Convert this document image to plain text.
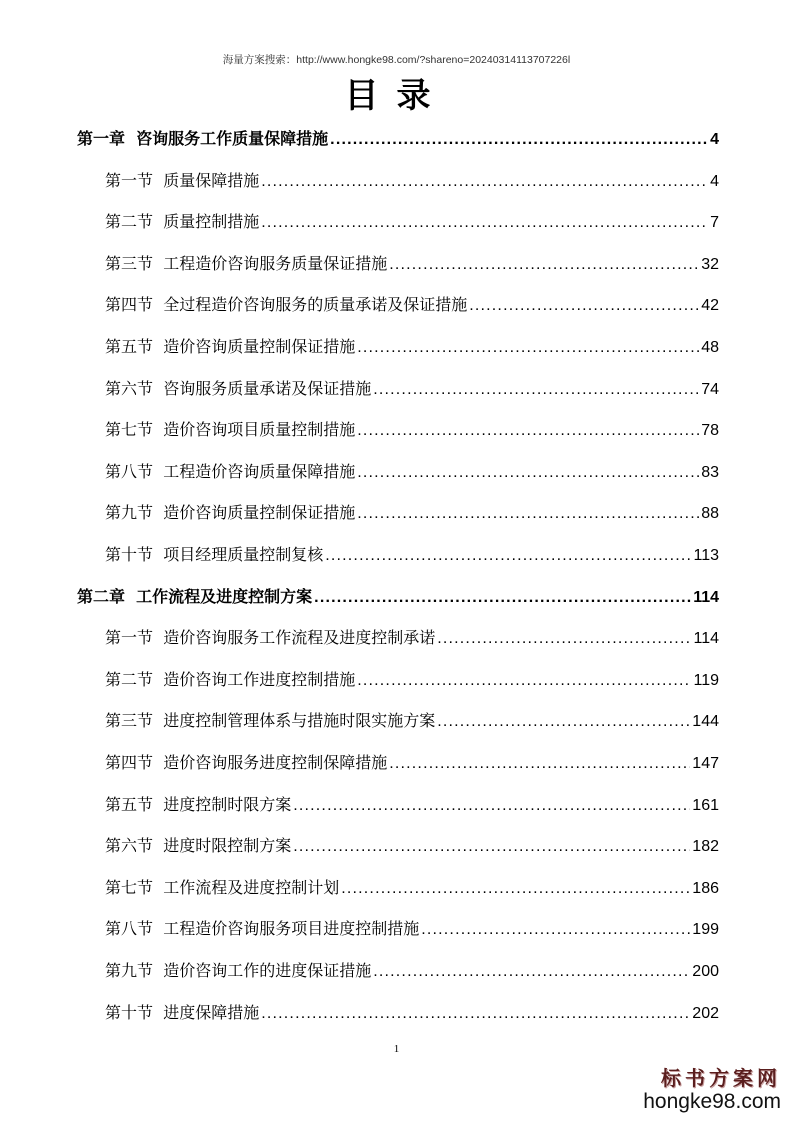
海量方案搜索：http://www.hongke98.com/?shareno=20240314113707226l
目录
第一章 咨询服务工作质量保障措施 .....	4
第一节 质量保障措施 .....	4
第二节 质量控制措施 .....	7
第三节 工程造价咨询服务质量保证措施 .....	32
第四节 全过程造价咨询服务的质量承诺及保证措施 .....	42
第五节 造价咨询质量控制保证措施 .....	48
第六节 咨询服务质量承诺及保证措施 .....	74
第七节 造价咨询项目质量控制措施 .....	78
第八节 工程造价咨询质量保障措施 .....	83
第九节 造价咨询质量控制保证措施 .....	88
第十节 项目经理质量控制复核 .....	113
第二章 工作流程及进度控制方案 .....	114
第一节 造价咨询服务工作流程及进度控制承诺 .....	114
第二节 造价咨询工作进度控制措施 .....	119
第三节 进度控制管理体系与措施时限实施方案 .....	144
第四节 造价咨询服务进度控制保障措施 .....	147
第五节 进度控制时限方案 .....	161
第六节 进度时限控制方案 .....	182
第七节 工作流程及进度控制计划 .....	186
第八节 工程造价咨询服务项目进度控制措施 .....	199
第九节 造价咨询工作的进度保证措施 .....	200
第十节 进度保障措施 .....	202
1
标书方案网
hongke98.com
